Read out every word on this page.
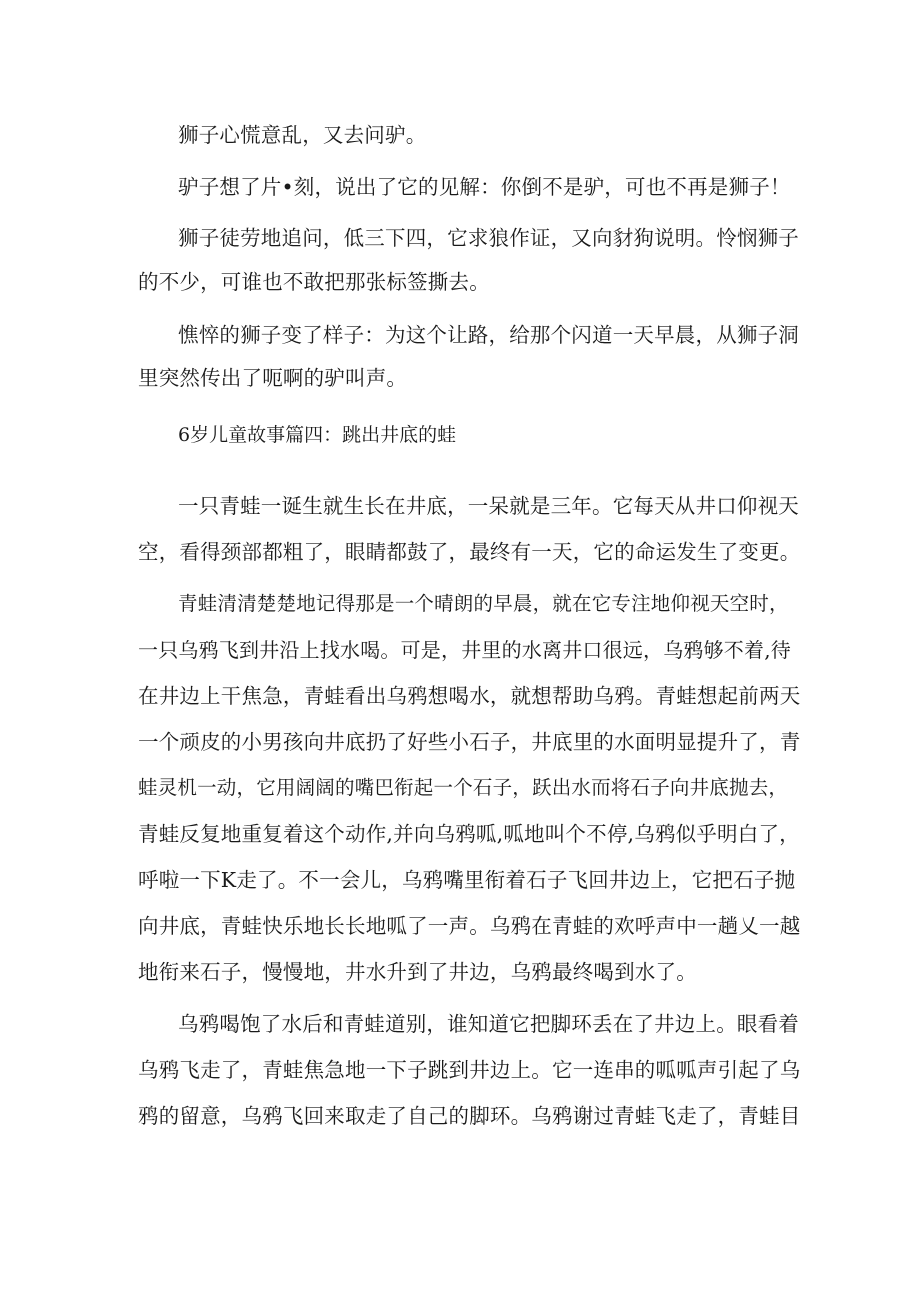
狮子心慌意乱，又去问驴。
驴子想了片•刻，说出了它的见解：你倒不是驴，可也不再是狮子！
狮子徒劳地追问，低三下四，它求狼作证，又向豺狗说明。怜悯狮子
的不少，可谁也不敢把那张标签撕去。
憔悴的狮子变了样子：为这个让路，给那个闪道一天早晨，从狮子洞
里突然传出了呃啊的驴叫声。
6岁儿童故事篇四：跳出井底的蛙
一只青蛙一诞生就生长在井底，一呆就是三年。它每天从井口仰视天
空，看得颈部都粗了，眼睛都鼓了，最终有一天，它的命运发生了变更。
青蛙清清楚楚地记得那是一个晴朗的早晨，就在它专注地仰视天空时，
一只乌鸦飞到井沿上找水喝。可是，井里的水离井口很远，乌鸦够不着,待
在井边上干焦急，青蛙看出乌鸦想喝水，就想帮助乌鸦。青蛙想起前两天
一个顽皮的小男孩向井底扔了好些小石子，井底里的水面明显提升了，青
蛙灵机一动，它用阔阔的嘴巴衔起一个石子，跃出水而将石子向井底抛去，
青蛙反复地重复着这个动作,并向乌鸦呱,呱地叫个不停,乌鸦似乎明白了，
呼啦一下K走了。不一会儿，乌鸦嘴里衔着石子飞回井边上，它把石子抛
向井底，青蛙快乐地长长地呱了一声。乌鸦在青蛙的欢呼声中一趟乂一越
地衔来石子，慢慢地，井水升到了井边，乌鸦最终喝到水了。
乌鸦喝饱了水后和青蛙道别，谁知道它把脚环丢在了井边上。眼看着
乌鸦飞走了，青蛙焦急地一下子跳到井边上。它一连串的呱呱声引起了乌
鸦的留意，乌鸦飞回来取走了自己的脚环。乌鸦谢过青蛙飞走了，青蛙目
